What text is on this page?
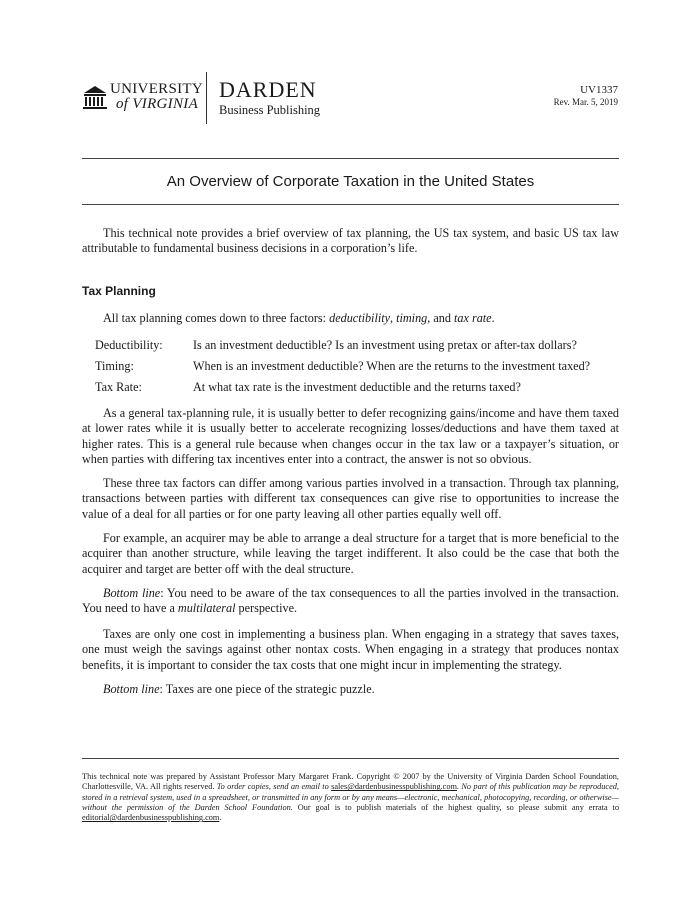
UNIVERSITY
of VIRGINIA
DARDEN
Business Publishing
UV1337
Rev. Mar. 5, 2019
An Overview of Corporate Taxation in the United States
This technical note provides a brief overview of tax planning, the US tax system, and basic US tax law attributable to fundamental business decisions in a corporation’s life.
Tax Planning
All tax planning comes down to three factors: deductibility, timing, and tax rate.
Deductibility: Is an investment deductible? Is an investment using pretax or after-tax dollars?
Timing:	When is an investment deductible? When are the returns to the investment taxed?
Tax Rate:	At what tax rate is the investment deductible and the returns taxed?
As a general tax-planning rule, it is usually better to defer recognizing gains/income and have them taxed at lower rates while it is usually better to accelerate recognizing losses/deductions and have them taxed at higher rates. This is a general rule because when changes occur in the tax law or a taxpayer’s situation, or when parties with differing tax incentives enter into a contract, the answer is not so obvious.
These three tax factors can differ among various parties involved in a transaction. Through tax planning, transactions between parties with different tax consequences can give rise to opportunities to increase the value of a deal for all parties or for one party leaving all other parties equally well off.
For example, an acquirer may be able to arrange a deal structure for a target that is more beneficial to the acquirer than another structure, while leaving the target indifferent. It also could be the case that both the acquirer and target are better off with the deal structure.
Bottom line: You need to be aware of the tax consequences to all the parties involved in the transaction. You need to have a multilateral perspective.
Taxes are only one cost in implementing a business plan. When engaging in a strategy that saves taxes, one must weigh the savings against other nontax costs. When engaging in a strategy that produces nontax benefits, it is important to consider the tax costs that one might incur in implementing the strategy.
Bottom line: Taxes are one piece of the strategic puzzle.
This technical note was prepared by Assistant Professor Mary Margaret Frank. Copyright © 2007 by the University of Virginia Darden School Foundation, Charlottesville, VA. All rights reserved. To order copies, send an email to sales@dardenbusinesspublishing.com. No part of this publication may be reproduced, stored in a retrieval system, used in a spreadsheet, or transmitted in any form or by any means—electronic, mechanical, photocopying, recording, or otherwise—without the permission of the Darden School Foundation. Our goal is to publish materials of the highest quality, so please submit any errata to editorial@dardenbusinesspublishing.com.
